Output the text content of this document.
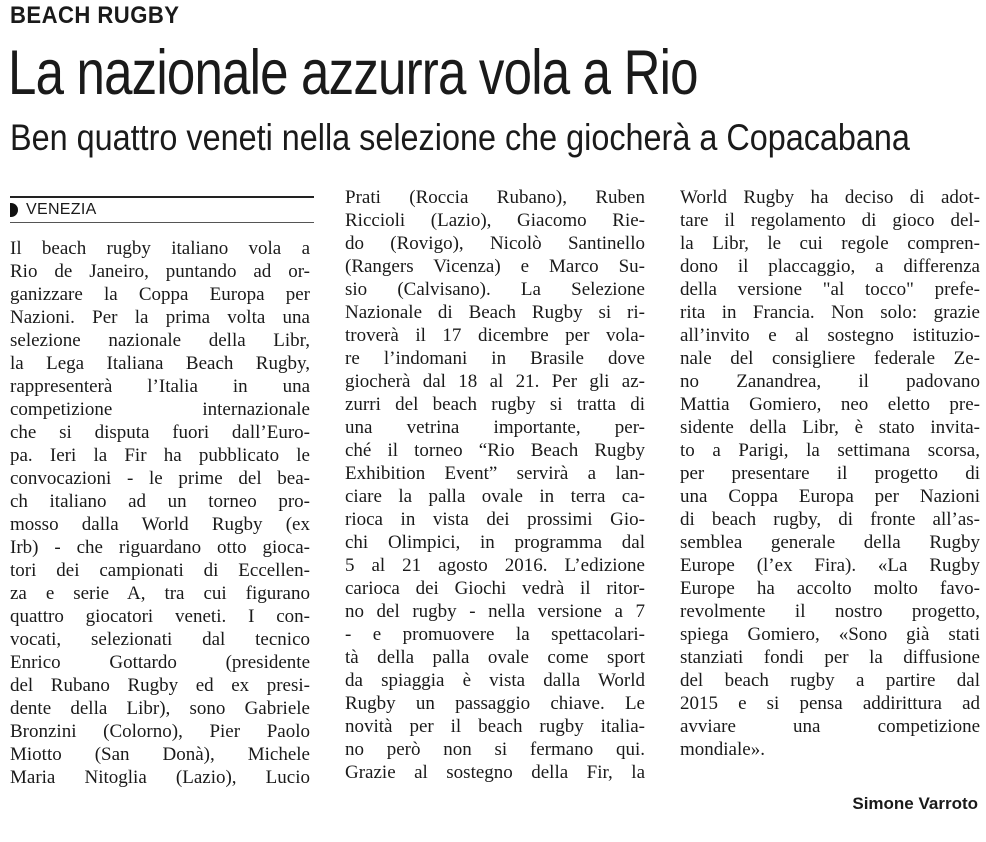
BEACH RUGBY
La nazionale azzurra vola a Rio
Ben quattro veneti nella selezione che giocherà a Copacabana
VENEZIA
Il beach rugby italiano vola a
Rio de Janeiro, puntando ad or-
ganizzare la Coppa Europa per
Nazioni. Per la prima volta una
selezione nazionale della Libr,
la Lega Italiana Beach Rugby,
rappresenterà l’Italia in una
competizione internazionale
che si disputa fuori dall’Euro-
pa. Ieri la Fir ha pubblicato le
convocazioni - le prime del bea-
ch italiano ad un torneo pro-
mosso dalla World Rugby (ex
Irb) - che riguardano otto gioca-
tori dei campionati di Eccellen-
za e serie A, tra cui figurano
quattro giocatori veneti. I con-
vocati, selezionati dal tecnico
Enrico Gottardo (presidente
del Rubano Rugby ed ex presi-
dente della Libr), sono Gabriele
Bronzini (Colorno), Pier Paolo
Miotto (San Donà), Michele
Maria Nitoglia (Lazio), Lucio
Prati (Roccia Rubano), Ruben
Riccioli (Lazio), Giacomo Rie-
do (Rovigo), Nicolò Santinello
(Rangers Vicenza) e Marco Su-
sio (Calvisano). La Selezione
Nazionale di Beach Rugby si ri-
troverà il 17 dicembre per vola-
re l’indomani in Brasile dove
giocherà dal 18 al 21. Per gli az-
zurri del beach rugby si tratta di
una vetrina importante, per-
ché il torneo “Rio Beach Rugby
Exhibition Event” servirà a lan-
ciare la palla ovale in terra ca-
rioca in vista dei prossimi Gio-
chi Olimpici, in programma dal
5 al 21 agosto 2016. L’edizione
carioca dei Giochi vedrà il ritor-
no del rugby - nella versione a 7
- e promuovere la spettacolari-
tà della palla ovale come sport
da spiaggia è vista dalla World
Rugby un passaggio chiave. Le
novità per il beach rugby italia-
no però non si fermano qui.
Grazie al sostegno della Fir, la
World Rugby ha deciso di adot-
tare il regolamento di gioco del-
la Libr, le cui regole compren-
dono il placcaggio, a differenza
della versione "al tocco" prefe-
rita in Francia. Non solo: grazie
all’invito e al sostegno istituzio-
nale del consigliere federale Ze-
no Zanandrea, il padovano
Mattia Gomiero, neo eletto pre-
sidente della Libr, è stato invita-
to a Parigi, la settimana scorsa,
per presentare il progetto di
una Coppa Europa per Nazioni
di beach rugby, di fronte all’as-
semblea generale della Rugby
Europe (l’ex Fira). «La Rugby
Europe ha accolto molto favo-
revolmente il nostro progetto,
spiega Gomiero, «Sono già stati
stanziati fondi per la diffusione
del beach rugby a partire dal
2015 e si pensa addirittura ad
avviare una competizione
mondiale».
Simone Varroto
